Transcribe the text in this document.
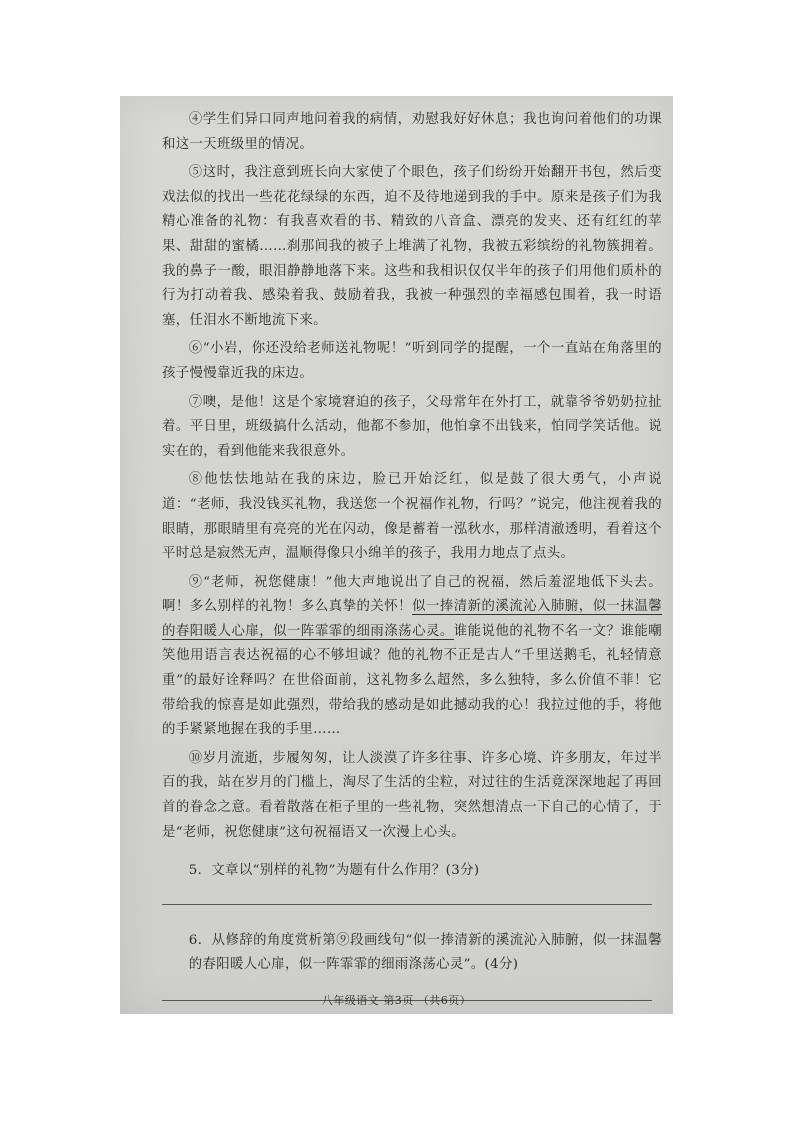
④学生们异口同声地问着我的病情，劝慰我好好休息；我也询问着他们的功课和这一天班级里的情况。

⑤这时，我注意到班长向大家使了个眼色，孩子们纷纷开始翻开书包，然后变戏法似的找出一些花花绿绿的东西，迫不及待地递到我的手中。原来是孩子们为我精心准备的礼物：有我喜欢看的书、精致的八音盒、漂亮的发夹、还有红红的苹果、甜甜的蜜橘……刹那间我的被子上堆满了礼物，我被五彩缤纷的礼物簇拥着。我的鼻子一酸，眼泪静静地落下来。这些和我相识仅仅半年的孩子们用他们质朴的行为打动着我、感染着我、鼓励着我，我被一种强烈的幸福感包围着，我一时语塞，任泪水不断地流下来。

⑥“小岩，你还没给老师送礼物呢！”听到同学的提醒，一个一直站在角落里的孩子慢慢靠近我的床边。

⑦噢，是他！这是个家境窘迫的孩子，父母常年在外打工，就靠爷爷奶奶拉扯着。平日里，班级搞什么活动，他都不参加，他怕拿不出钱来，怕同学笑话他。说实在的，看到他能来我很意外。

⑧他怯怯地站在我的床边，脸已开始泛红，似是鼓了很大勇气，小声说道：“老师，我没钱买礼物，我送您一个祝福作礼物，行吗？”说完，他注视着我的眼睛，那眼睛里有亮亮的光在闪动，像是蓄着一泓秋水，那样清澈透明，看着这个平时总是寂然无声，温顺得像只小绵羊的孩子，我用力地点了点头。

⑨“老师，祝您健康！”他大声地说出了自己的祝福，然后羞涩地低下头去。啊！多么别样的礼物！多么真挚的关怀！似一捧清新的溪流沁入肺腑，似一抹温馨的春阳暖人心扉，似一阵霏霏的细雨涤荡心灵。谁能说他的礼物不名一文？谁能嘲笑他用语言表达祝福的心不够坦诚？他的礼物不正是古人“千里送鹅毛，礼轻情意重”的最好诠释吗？在世俗面前，这礼物多么超然，多么独特，多么价值不菲！它带给我的惊喜是如此强烈，带给我的感动是如此撼动我的心！我拉过他的手，将他的手紧紧地握在我的手里……

⑩岁月流逝，步履匆匆，让人淡漠了许多往事、许多心境、许多朋友，年过半百的我，站在岁月的门槛上，淘尽了生活的尘粒，对过往的生活竟深深地起了再回首的眷念之意。看着散落在柜子里的一些礼物，突然想清点一下自己的心情了，于是“老师，祝您健康”这句祝福语又一次漫上心头。

5．文章以“别样的礼物”为题有什么作用？(3分)

6．从修辞的角度赏析第⑨段画线句“似一捧清新的溪流沁入肺腑，似一抹温馨的春阳暖人心扉，似一阵霏霏的细雨涤荡心灵”。(4分)

八年级语文 第3页 （共6页）
